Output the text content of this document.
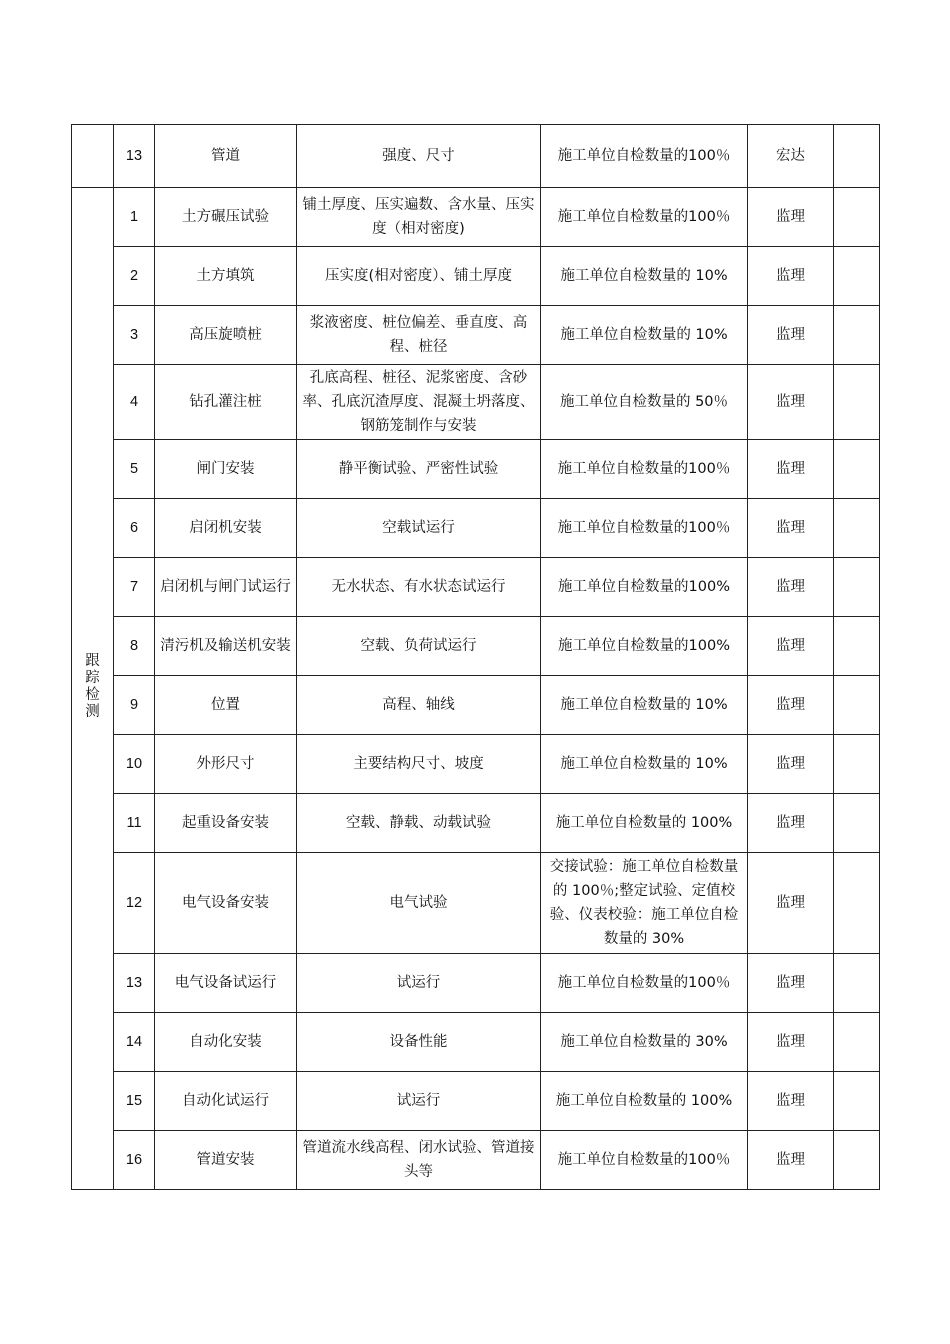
	13	管道	强度、尺寸	施工单位自检数量的100％	宏达	
跟踪检测	1	土方碾压试验	铺土厚度、压实遍数、含水量、压实度（相对密度)	施工单位自检数量的100％	监理	
	2	土方填筑	压实度(相对密度）、铺土厚度	施工单位自检数量的 10%	监理	
	3	高压旋喷桩	浆液密度、桩位偏差、垂直度、高程、桩径	施工单位自检数量的 10%	监理	
	4	钻孔灌注桩	孔底高程、桩径、泥浆密度、含砂率、孔底沉渣厚度、混凝土坍落度、钢筋笼制作与安装	施工单位自检数量的 50％	监理	
	5	闸门安装	静平衡试验、严密性试验	施工单位自检数量的100％	监理	
	6	启闭机安装	空载试运行	施工单位自检数量的100％	监理	
	7	启闭机与闸门试运行	无水状态、有水状态试运行	施工单位自检数量的100%	监理	
	8	清污机及输送机安装	空载、负荷试运行	施工单位自检数量的100%	监理	
	9	位置	高程、轴线	施工单位自检数量的 10%	监理	
	10	外形尺寸	主要结构尺寸、坡度	施工单位自检数量的 10%	监理	
	11	起重设备安装	空载、静载、动载试验	施工单位自检数量的 100%	监理	
	12	电气设备安装	电气试验	交接试验：施工单位自检数量的 100％;整定试验、定值校验、仪表校验：施工单位自检数量的 30%	监理	
	13	电气设备试运行	试运行	施工单位自检数量的100％	监理	
	14	自动化安装	设备性能	施工单位自检数量的 30%	监理	
	15	自动化试运行	试运行	施工单位自检数量的 100%	监理	
	16	管道安装	管道流水线高程、闭水试验、管道接头等	施工单位自检数量的100％	监理	
